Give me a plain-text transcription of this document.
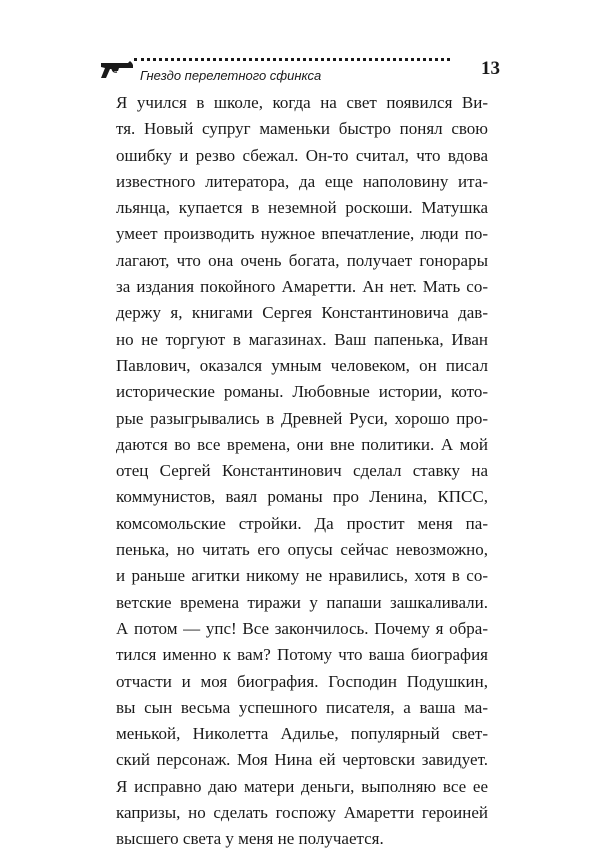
Гнездо перелетного сфинкса	13
Я учился в школе, когда на свет появился Ви-
тя. Новый супруг маменьки быстро понял свою
ошибку и резво сбежал. Он-то считал, что вдова
известного литератора, да еще наполовину ита-
льянца, купается в неземной роскоши. Матушка
умеет производить нужное впечатление, люди по-
лагают, что она очень богата, получает гонорары
за издания покойного Амаретти. Ан нет. Мать со-
держу я, книгами Сергея Константиновича дав-
но не торгуют в магазинах. Ваш папенька, Иван
Павлович, оказался умным человеком, он писал
исторические романы. Любовные истории, кото-
рые разыгрывались в Древней Руси, хорошо про-
даются во все времена, они вне политики. А мой
отец Сергей Константинович сделал ставку на
коммунистов, ваял романы про Ленина, КПСС,
комсомольские стройки. Да простит меня па-
пенька, но читать его опусы сейчас невозможно,
и раньше агитки никому не нравились, хотя в со-
ветские времена тиражи у папаши зашкаливали.
А потом — упс! Все закончилось. Почему я обра-
тился именно к вам? Потому что ваша биография
отчасти и моя биография. Господин Подушкин,
вы сын весьма успешного писателя, а ваша ма-
менькой, Николетта Адилье, популярный свет-
ский персонаж. Моя Нина ей чертовски завидует.
Я исправно даю матери деньги, выполняю все ее
капризы, но сделать госпожу Амаретти героиней
высшего света у меня не получается.
